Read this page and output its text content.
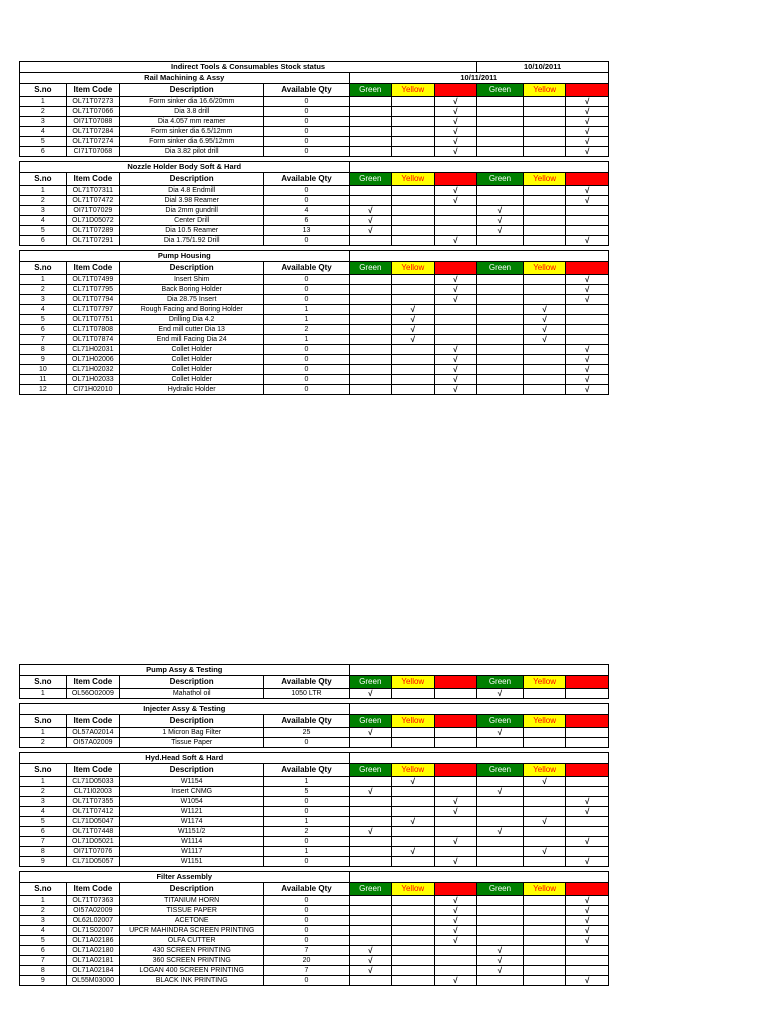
Indirect Tools & Consumables Stock status							10/10/2011		
Rail Machining & Assy				10/11/2011					
S.no	Item Code	Description	Available Qty	Green	Yellow	Red	Green	Yellow	Red
1	OL71T07273	Form sinker dia 16.6/20mm	0			√			√
2	OL71T07066	Dia 3.8 drill	0			√			√
3	OI71T07088	Dia 4.057 mm reamer	0			√			√
4	OL71T07284	Form sinker dia 6.5/12mm	0			√			√
5	OL71T07274	Form sinker dia 6.95/12mm	0			√			√
6	CI71T07068	Dia 3.82 pilot drill	0			√			√
Nozzle Holder Body Soft & Hard									
S.no	Item Code	Description	Available Qty	Green	Yellow	Red	Green	Yellow	Red
1	OL71T07311	Dia 4.8 Endmill	0			√			√
2	OL71T07472	Dial 3.98 Reamer	0			√			√
3	OI71T07029	Dia 2mm gundrill	4	√			√		
4	OL71D05072	Center Drill	6	√			√		
5	OL71T07289	Dia 10.5 Reamer	13	√			√		
6	OL71T07291	Dia 1.75/1.92 Drill	0			√			√
Pump Housing									
S.no	Item Code	Description	Available Qty	Green	Yellow	Red	Green	Yellow	Red
1	OL71T07499	Insert Shim	0			√			√
2	CL71T07795	Back Boring Holder	0			√			√
3	OL71T07794	Dia 28.75 Insert	0			√			√
4	CL71T07797	Rough Facing and Boring Holder	1		√			√	
5	OL71T07751	Drilling Dia 4.2	1		√			√	
6	CL71T07808	End mill cutter Dia 13	2		√			√	
7	OL71T07874	End mill Facing Dia 24	1		√			√	
8	CL71H02031	Collet Holder	0			√			√
9	OL71H02006	Collet Holder	0			√			√
10	CL71H02032	Collet Holder	0			√			√
11	OL71H02033	Collet Holder	0			√			√
12	CI71H02010	Hydralic Holder	0			√			√
Pump Assy & Testing									
S.no	Item Code	Description	Available Qty	Green	Yellow	Red	Green	Yellow	Red
1	OL56O02009	Mahathol oil	1050 LTR	√			√		
Injecter Assy & Testing									
S.no	Item Code	Description	Available Qty	Green	Yellow	Red	Green	Yellow	Red
1	OL57A02014	1 Micron Bag Filter	25	√			√		
2	OI57A02009	Tissue Paper	0						
Hyd.Head Soft & Hard									
S.no	Item Code	Description	Available Qty	Green	Yellow	Red	Green	Yellow	Red
1	CL71D05033	W1154	1		√			√	
2	CL71I02003	Insert CNMG	5	√			√		
3	OL71T07355	W1054	0			√			√
4	OL71T07412	W1121	0			√			√
5	CL71D05047	W1174	1		√			√	
6	OL71T07448	W1151/2	2	√			√		
7	OL71D05021	W1114	0			√			√
8	OI71T07076	W1117	1		√			√	
9	CL71D05057	W1151	0			√			√
Filter Assembly									
S.no	Item Code	Description	Available Qty	Green	Yellow	Red	Green	Yellow	Red
1	OL71T07363	TITANIUM HORN	0			√			√
2	OI57A02009	TISSUE PAPER	0			√			√
3	OL62L02007	ACETONE	0			√			√
4	OL71S02007	UPCR MAHINDRA SCREEN PRINTING	0			√			√
5	OL71A02186	OLFA CUTTER	0			√			√
6	OL71A02180	430 SCREEN PRINTING	7	√			√		
7	OL71A02181	360 SCREEN PRINTING	20	√			√		
8	OL71A02184	LOGAN 400 SCREEN PRINTING	7	√			√		
9	OL55M03000	BLACK INK PRINTING	0			√			√
